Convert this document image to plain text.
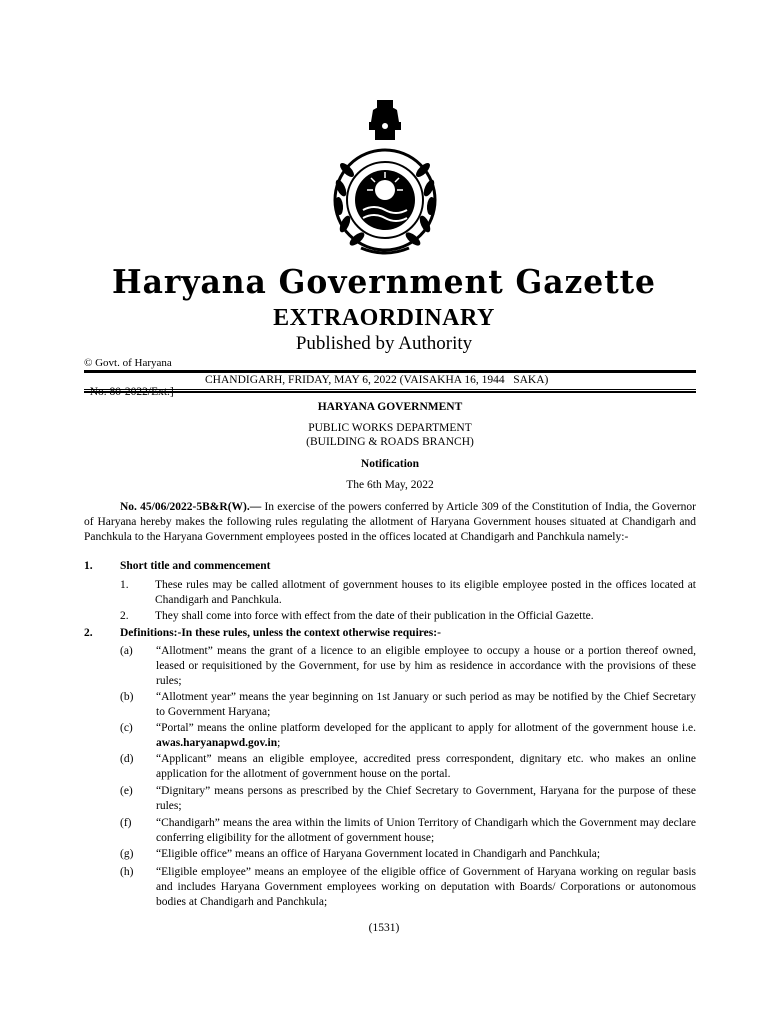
Haryana Government Gazette
EXTRAORDINARY
Published by Authority
© Govt. of Haryana

CHANDIGARH, FRIDAY, MAY 6, 2022 (VAISAKHA 16, 1944   SAKA)

HARYANA GOVERNMENT
PUBLIC WORKS DEPARTMENT
(BUILDING & ROADS BRANCH)
Notification
The 6th May, 2022
No. 45/06/2022-5B&R(W).— In exercise of the powers conferred by Article 309 of the Constitution of India, the Governor of Haryana hereby makes the following rules regulating the allotment of Haryana Government houses situated at Chandigarh and Panchkula to the Haryana Government employees posted in the offices located at Chandigarh and Panchkula namely:-
1. Short title and commencement
1. These rules may be called allotment of government houses to its eligible employee posted in the offices located at Chandigarh and Panchkula.
2. They shall come into force with effect from the date of their publication in the Official Gazette.
2. Definitions:-In these rules, unless the context otherwise requires:-
(a) “Allotment” means the grant of a licence to an eligible employee to occupy a house or a portion thereof owned, leased or requisitioned by the Government, for use by him as residence in accordance with the provisions of these rules;
(b) “Allotment year” means the year beginning on 1st January or such period as may be notified by the Chief Secretary to Government Haryana;
(c) “Portal” means the online platform developed for the applicant to apply for allotment of the government house i.e. awas.haryanapwd.gov.in;
(d) “Applicant” means an eligible employee, accredited press correspondent, dignitary etc. who makes an online application for the allotment of government house on the portal.
(e) “Dignitary” means persons as prescribed by the Chief Secretary to Government, Haryana for the purpose of these rules;
(f) “Chandigarh” means the area within the limits of Union Territory of Chandigarh which the Government may declare conferring eligibility for the allotment of government house;
(g) “Eligible office” means an office of Haryana Government located in Chandigarh and Panchkula;
(h) “Eligible employee” means an employee of the eligible office of Government of Haryana working on regular basis and includes Haryana Government employees working on deputation with Boards/ Corporations or autonomous bodies at Chandigarh and Panchkula;
(1531)
